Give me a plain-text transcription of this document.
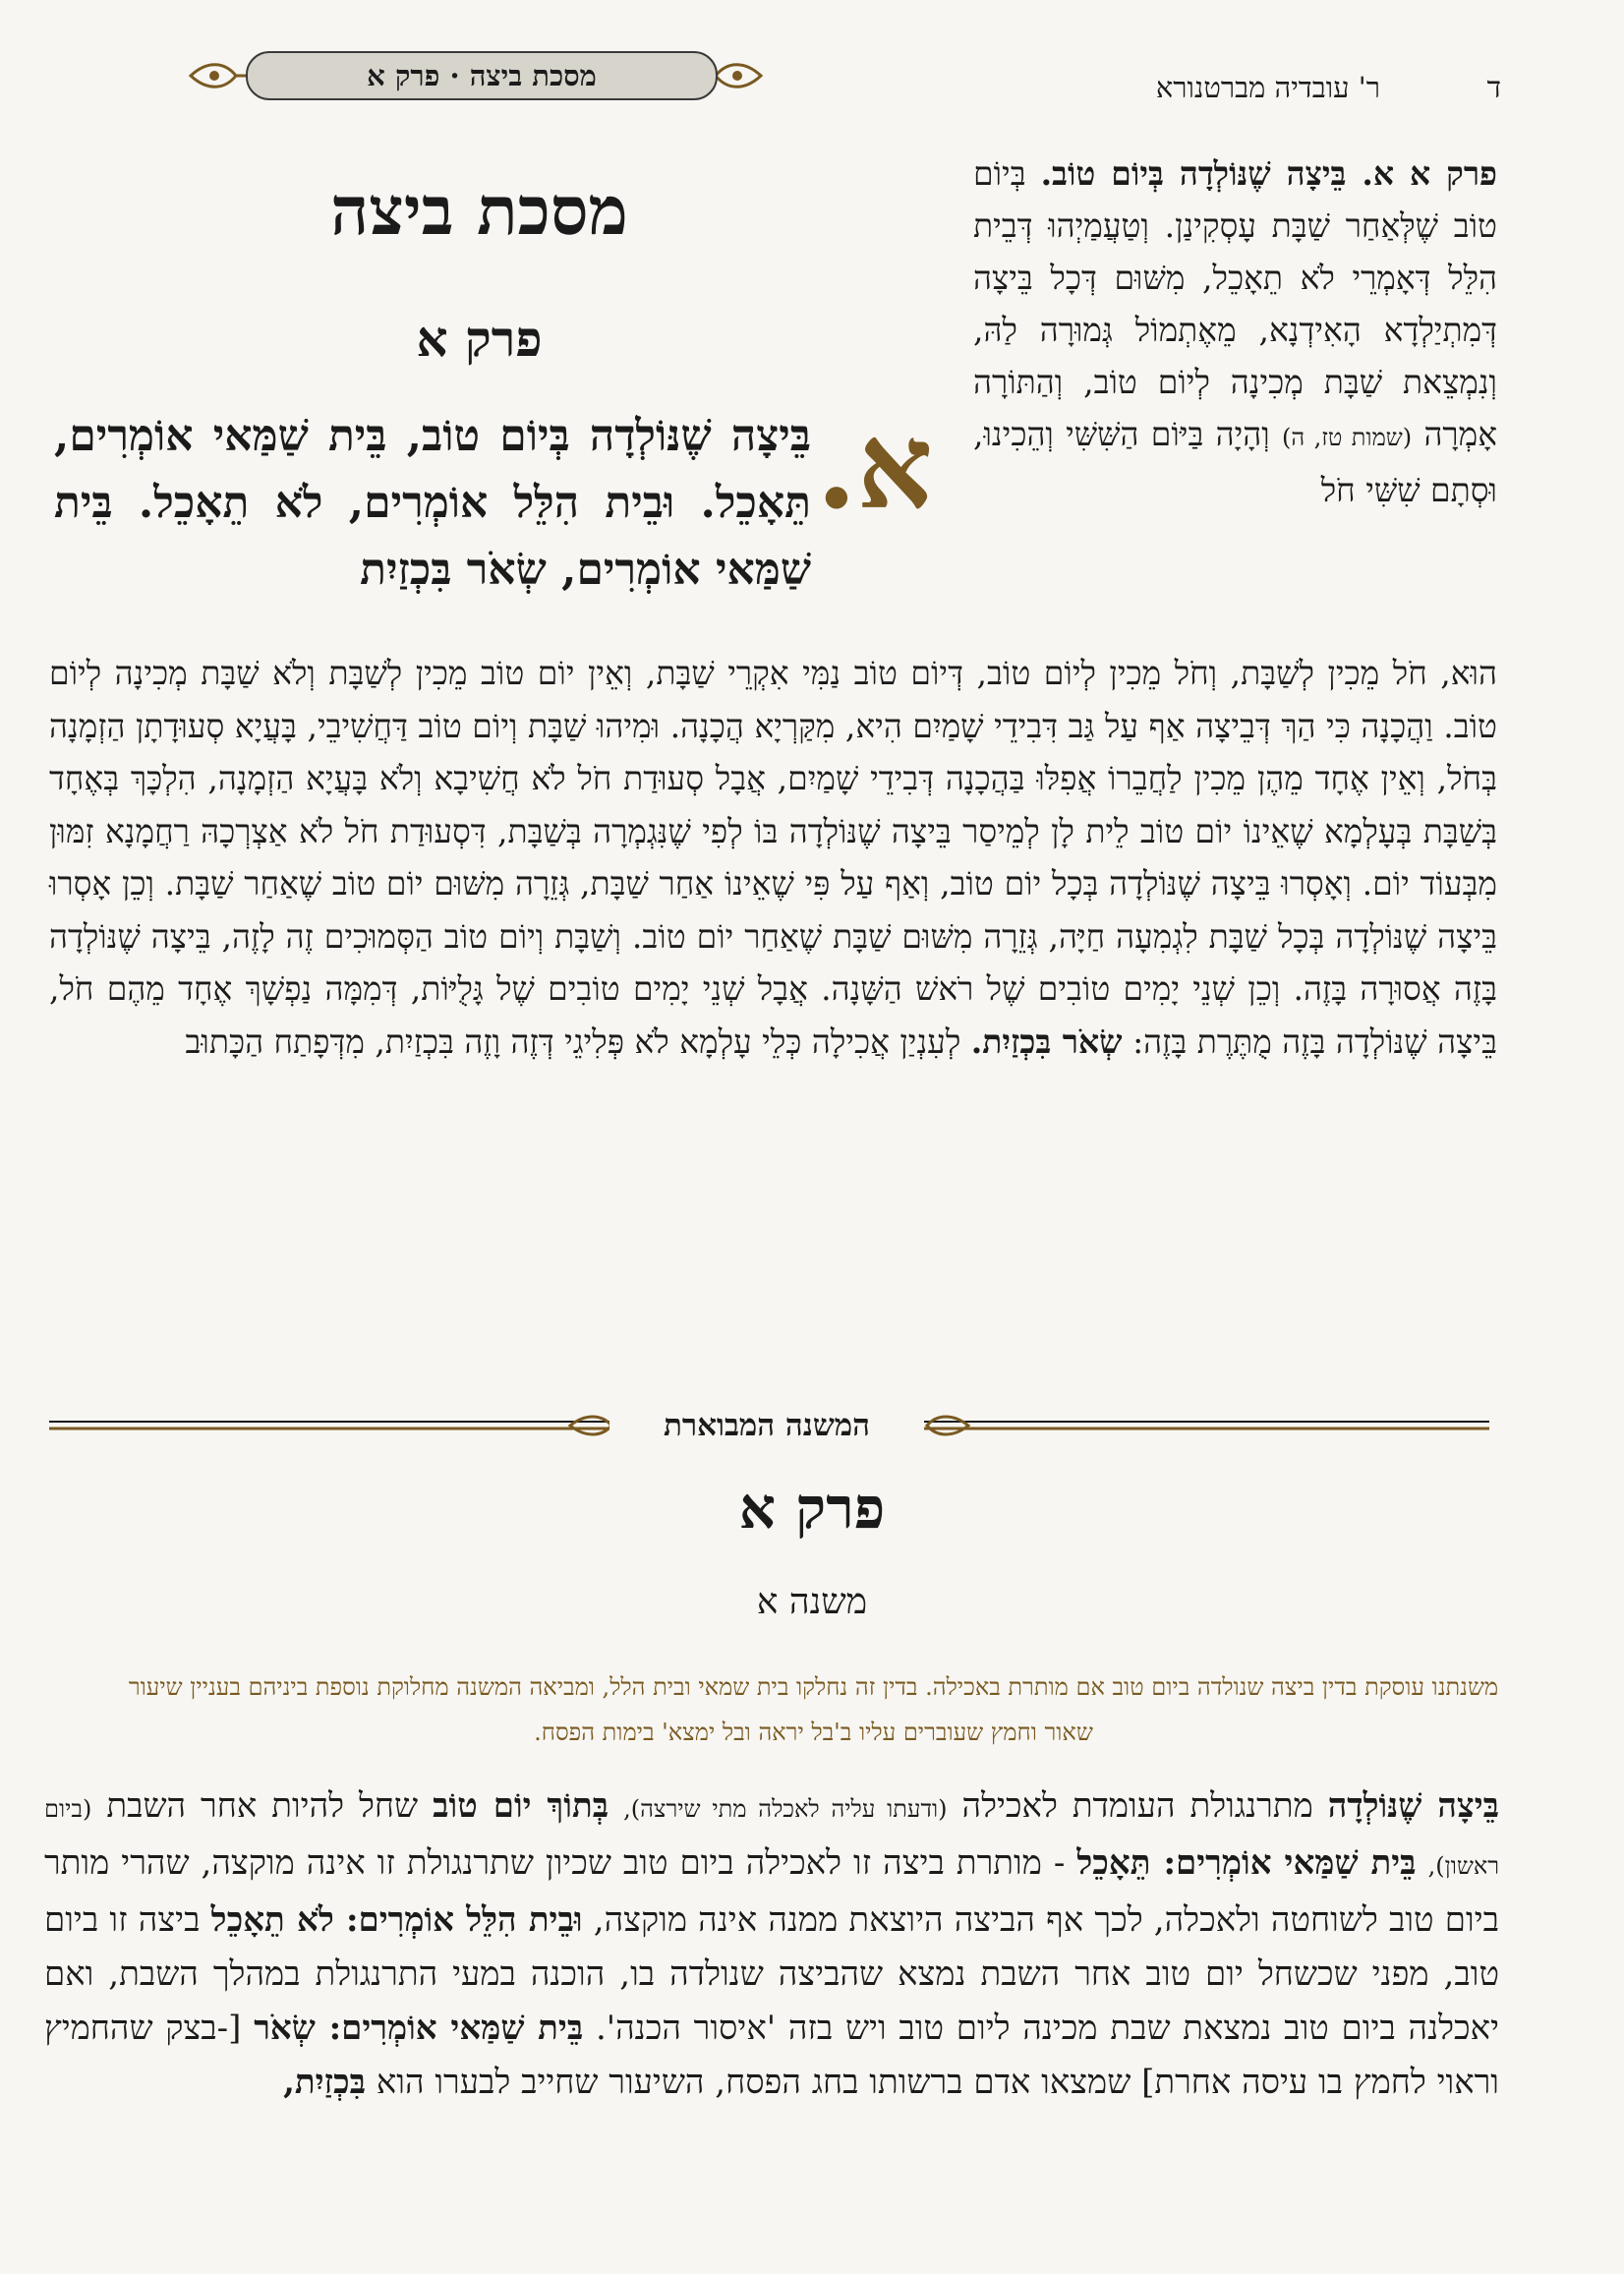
ד
ר' עובדיה מברטנורא
מסכת ביצה · פרק א
מסכת ביצה
פרק א
א.
בֵּיצָה שֶׁנּוֹלְדָה בְּיוֹם טוֹב, בֵּית שַׁמַּאי אוֹמְרִים, תֵּאָכֵל. וּבֵית הִלֵּל אוֹמְרִים, לֹא תֵאָכֵל. בֵּית שַׁמַּאי אוֹמְרִים, שְׂאֹר בִּכְזַיִת

פרק א א. בֵּיצָה שֶׁנּוֹלְדָה בְּיוֹם טוֹב. בְּיוֹם טוֹב שֶׁלְּאַחַר שַׁבָּת עָסְקִינַן. וְטַעֲמַיְהוּ דְּבֵית הִלֵּל דְּאָמְרֵי לֹא תֵאָכֵל, מִשּׁוּם דְּכָל בֵּיצָה דְּמִתְיַלְדָא הָאִידְנָא, מֵאֶתְמוֹל גְּמוּרָה לַהּ, וְנִמְצֵאת שַׁבָּת מְכִינָה לְיוֹם טוֹב, וְהַתּוֹרָה אָמְרָה (שמות טז, ה) וְהָיָה בַּיּוֹם הַשִּׁשִּׁי וְהֵכִינוּ, וּסְתָם שִׁשִּׁי חֹל

הוּא, חֹל מֵכִין לְשַׁבָּת, וְחֹל מֵכִין לְיוֹם טוֹב, דְּיוֹם טוֹב נַמִּי אִקְרֵי שַׁבָּת, וְאֵין יוֹם טוֹב מֵכִין לְשַׁבָּת וְלֹא שַׁבָּת מְכִינָה לְיוֹם טוֹב. וַהֲכָנָה כִּי הַךְ דְּבֵיצָה אַף עַל גַּב דִּבִידֵי שָׁמַיִם הִיא, מִקַּרְיָא הֲכָנָה. וּמִיהוּ שַׁבָּת וְיוֹם טוֹב דַּחֲשִׁיבֵי, בָּעֲיָא סְעוּדָתָן הַזְמָנָה בְּחֹל, וְאֵין אֶחָד מֵהֶן מֵכִין לַחֲבֵרוֹ אֲפִלּוּ בַּהֲכָנָה דְּבִידֵי שָׁמַיִם, אֲבָל סְעוּדַת חֹל לֹא חֲשִׁיבָא וְלֹא בָּעֲיָא הַזְמָנָה, הִלְכָּךְ בְּאֶחָד בְּשַׁבָּת בְּעָלְמָא שֶׁאֵינוֹ יוֹם טוֹב לֵית לָן לְמֵיסַר בֵּיצָה שֶׁנּוֹלְדָה בּוֹ לְפִי שֶׁנִּגְמְרָה בְּשַׁבָּת, דִּסְעוּדַת חֹל לֹא אַצְרְכָהּ רַחֲמָנָא זִמּוּן מִבְּעוֹד יוֹם. וְאָסְרוּ בֵּיצָה שֶׁנּוֹלְדָה בְּכָל יוֹם טוֹב, וְאַף עַל פִּי שֶׁאֵינוֹ אַחַר שַׁבָּת, גְּזֵרָה מִשּׁוּם יוֹם טוֹב שֶׁאַחַר שַׁבָּת. וְכֵן אָסְרוּ בֵּיצָה שֶׁנּוֹלְדָה בְּכָל שַׁבָּת לִגְמִעָה חַיָּה, גְּזֵרָה מִשּׁוּם שַׁבָּת שֶׁאַחַר יוֹם טוֹב. וְשַׁבָּת וְיוֹם טוֹב הַסְּמוּכִים זֶה לָזֶה, בֵּיצָה שֶׁנּוֹלְדָה בָּזֶה אֲסוּרָה בָּזֶה. וְכֵן שְׁנֵי יָמִים טוֹבִים שֶׁל רֹאשׁ הַשָּׁנָה. אֲבָל שְׁנֵי יָמִים טוֹבִים שֶׁל גָּלֻיּוֹת, דְּמִמָּה נַפְשָׁךְ אֶחָד מֵהֶם חֹל, בֵּיצָה שֶׁנּוֹלְדָה בָּזֶה מֻתֶּרֶת בָּזֶה: שְׂאֹר בִּכְזַיִת. לְעִנְיַן אֲכִילָה כְּלֵי עָלְמָא לֹא פְּלִיגֵי דְּזֶה וָזֶה בִּכְזַיִת, מִדְּפָתַח הַכָּתוּב

המשנה המבוארת
פרק א
משנה א
משנתנו עוסקת בדין ביצה שנולדה ביום טוב אם מותרת באכילה. בדין זה נחלקו בית שמאי ובית הלל, ומביאה המשנה מחלוקת נוספת ביניהם בעניין שיעור שאור וחמץ שעוברים עליו ב'בל יראה ובל ימצא' בימות הפסח.
בֵּיצָה שֶׁנּוֹלְדָה מתרנגולת העומדת לאכילה (ודעתו עליה לאכלה מתי שירצה), בְּתוֹךְ יוֹם טוֹב שחל להיות אחר השבת (ביום ראשון), בֵּית שַׁמַּאי אוֹמְרִים: תֵּאָכֵל - מותרת ביצה זו לאכילה ביום טוב שכיון שתרנגולת זו אינה מוקצה, שהרי מותר ביום טוב לשוחטה ולאכלה, לכך אף הביצה היוצאת ממנה אינה מוקצה, וּבֵית הִלֵּל אוֹמְרִים: לֹא תֵאָכֵל ביצה זו ביום טוב, מפני שכשחל יום טוב אחר השבת נמצא שהביצה שנולדה בו, הוכנה במעי התרנגולת במהלך השבת, ואם יאכלנה ביום טוב נמצאת שבת מכינה ליום טוב ויש בזה 'איסור הכנה'. בֵּית שַׁמַּאי אוֹמְרִים: שְׂאֹר [-בצק שהחמיץ וראוי לחמץ בו עיסה אחרת] שמצאו אדם ברשותו בחג הפסח, השיעור שחייב לבערו הוא בִּכְזַיִת,
